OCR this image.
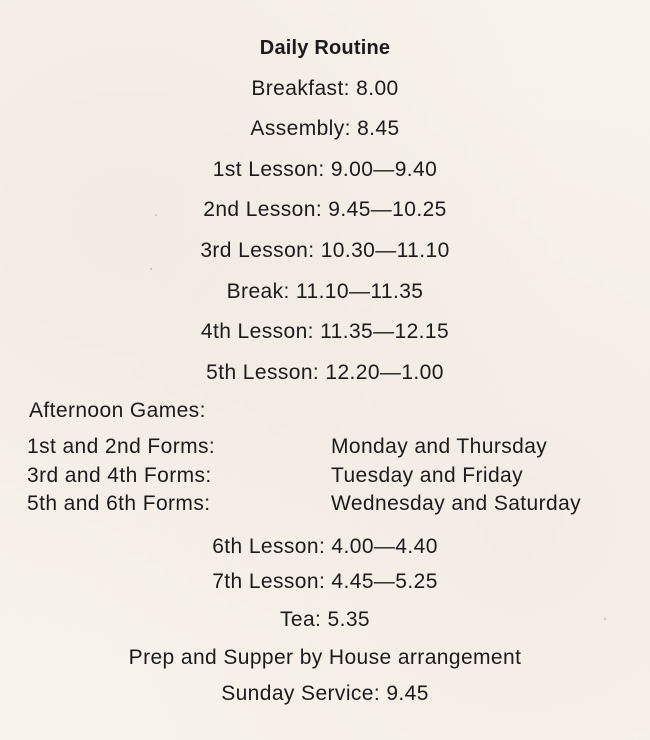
Daily Routine
Breakfast: 8.00
Assembly: 8.45
1st Lesson: 9.00—9.40
2nd Lesson: 9.45—10.25
3rd Lesson: 10.30—11.10
Break: 11.10—11.35
4th Lesson: 11.35—12.15
5th Lesson: 12.20—1.00
Afternoon Games:
1st and 2nd Forms:	Monday and Thursday
3rd and 4th Forms:	Tuesday and Friday
5th and 6th Forms:	Wednesday and Saturday
6th Lesson: 4.00—4.40
7th Lesson: 4.45—5.25
Tea: 5.35
Prep and Supper by House arrangement
Sunday Service: 9.45
